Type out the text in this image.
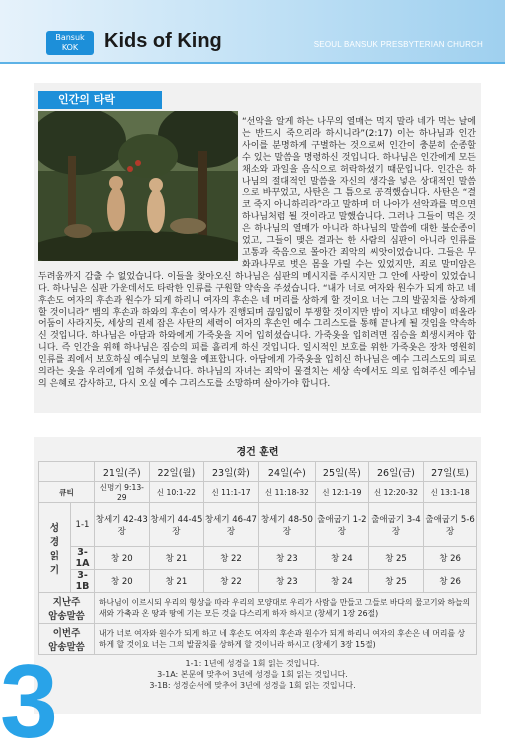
Bansuk
KOK	Kids of King	SEOUL BANSUK PRESBYTERIAN CHURCH
인간의 타락
“선악을 알게 하는 나무의 열매는 먹지 말라 네가 먹는 날에는 반드시 죽으리라 하시니라”(2:17) 이는 하나님과 인간 사이를 분명하게 구별하는 것으로써 인간이 충분히 순종할 수 있는 말씀을 명령하신 것입니다. 하나님은 인간에게 모든 채소와 과일을 음식으로 허락하셨기 때문입니다. 인간은 하나님의 절대적인 말씀을 자신의 생각을 넣은 상대적인 말씀으로 바꾸었고, 사탄은 그 틈으로 공격했습니다. 사탄은 “결코 죽지 아니하리라”라고 말하며 더 나아가 선악과를 먹으면 하나님처럼 될 것이라고 말했습니다. 그러나 그들이 먹은 것은 하나님의 열매가 아니라 하나님의 말씀에 대한 불순종이었고, 그들이 맺은 결과는 한 사람의 심판이 아니라 인류를 고통과 죽음으로 몰아간 죄악의 씨앗이었습니다. 그들은 무화과나무로 벗은 몸을 가릴 수는 있었지만, 죄로 말미암은 두려움까지 감출 수 없었습니다. 이들을 찾아오신 하나님은 심판의 메시지를 주시지만 그 안에 사랑이 있었습니다. 하나님은 심판 가운데서도 타락한 인류를 구원할 약속을 주셨습니다. “내가 너로 여자와 원수가 되게 하고 네 후손도 여자의 후손과 원수가 되게 하리니 여자의 후손은 네 머리를 상하게 할 것이요 너는 그의 발꿈치를 상하게 할 것이니라” 뱀의 후손과 하와의 후손이 역사가 진행되며 끊임없이 투쟁할 것이지만 밤이 지나고 태양이 떠올라 어둠이 사라지듯, 세상의 권세 잡은 사탄의 세력이 여자의 후손인 예수 그리스도를 통해 끝나게 될 것임을 약속하신 것입니다. 하나님은 아담과 하와에게 가죽옷을 지어 입히셨습니다. 가죽옷을 입히려면 짐승을 희생시켜야 합니다. 즉 인간을 위해 하나님은 짐승의 피를 흘리게 하신 것입니다. 일시적인 보호를 위한 가죽옷은 장차 영원히 인류를 죄에서 보호하실 예수님의 보혈을 예표합니다. 아담에게 가죽옷을 입히신 하나님은 예수 그리스도의 피로 의라는 옷을 우리에게 입혀 주셨습니다. 하나님의 자녀는 죄악이 물결치는 세상 속에서도 의로 입혀주신 예수님의 은혜로 감사하고, 다시 오실 예수 그리스도를 소망하며 살아가야 합니다.
경건 훈련
		21일(주)	22일(월)	23일(화)	24일(수)	25일(목)	26일(금)	27일(토)
큐티		신명기 9:13-29	신 10:1-22	신 11:1-17	신 11:18-32	신 12:1-19	신 12:20-32	신 13:1-18

성
경
읽
기	1-1	창세기 42-43장	창세기 44-45장	창세기 46-47장	창세기 48-50장	출애굽기 1-2장	출애굽기 3-4장	출애굽기 5-6장
	3-1A	창 20	창 21	창 22	창 23	창 24	창 25	창 26
	3-1B	창 20	창 21	창 22	창 23	창 24	창 25	창 26

지난주
암송말씀		하나님이 이르시되 우리의 형상을 따라 우리의 모양대로 우리가 사람을 만들고 그들로 바다의 물고기와 하늘의 새와 가축과 온 땅과 땅에 기는 모든 것을 다스리게 하자 하시고 (창세기 1장 26절)						

이번주
암송말씀		내가 너로 여자와 원수가 되게 하고 네 후손도 여자의 후손과 원수가 되게 하리니 여자의 후손은 네 머리를 상하게 할 것이요 너는 그의 발꿈치를 상하게 할 것이니라 하시고 (창세기 3장 15절)						
1-1: 1년에 성경을 1회 읽는 것입니다.
3-1A: 본문에 맞추어 3년에 성경을 1회 읽는 것입니다.
3-1B: 성경순서에 맞추어 3년에 성경을 1회 읽는 것입니다.
3
